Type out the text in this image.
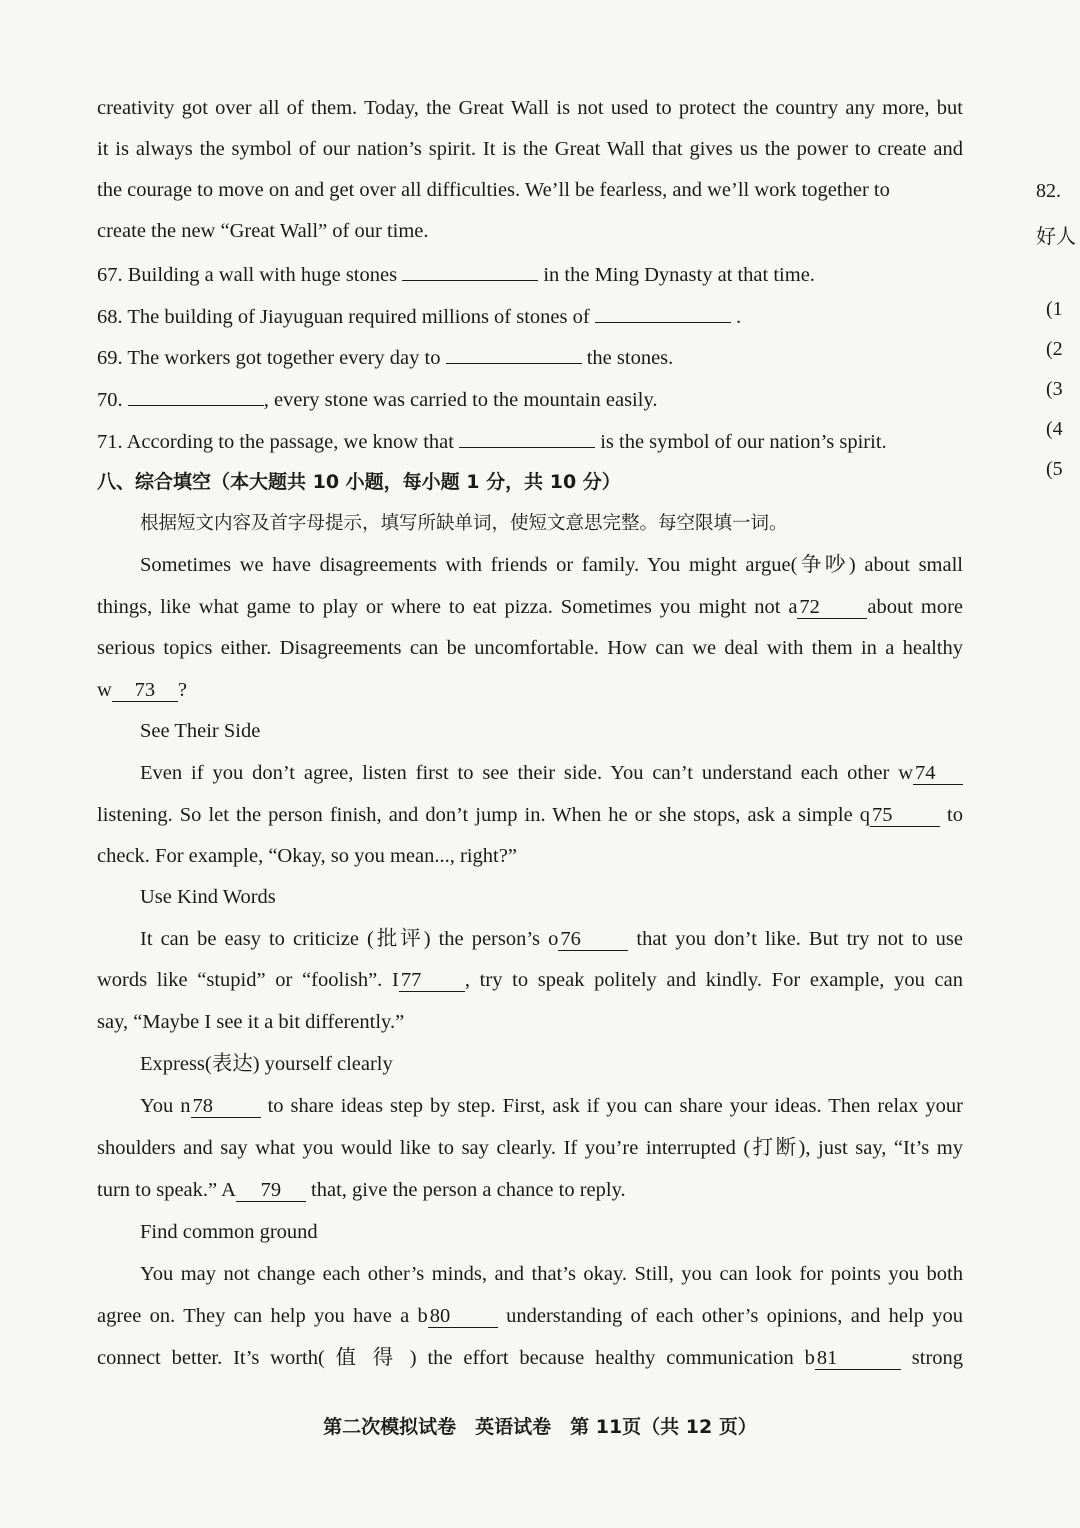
creativity got over all of them. Today, the Great Wall is not used to protect the country any more, but
it is always the symbol of our nation’s spirit. It is the Great Wall that gives us the power to create and
the courage to move on and get over all difficulties. We’ll be fearless, and we’ll work together to
create the new “Great Wall” of our time.
67. Building a wall with huge stones	in the Ming Dynasty at that time.
68. The building of Jiayuguan required millions of stones of	.
69. The workers got together every day to	the stones.
70.	, every stone was carried to the mountain easily.
71. According to the passage, we know that	is the symbol of our nation’s spirit.
八、综合填空（本大题共 10 小题，每小题 1 分，共 10 分）
根据短文内容及首字母提示，填写所缺单词，使短文意思完整。每空限填一词。
Sometimes we have disagreements with friends or family. You might argue(争吵) about small
things, like what game to play or where to eat pizza. Sometimes you might not a72 about more
serious topics either. Disagreements can be uncomfortable. How can we deal with them in a healthy
w 73 ?
See Their Side
Even if you don’t agree, listen first to see their side. You can’t understand each other w74
listening. So let the person finish, and don’t jump in. When he or she stops, ask a simple q75	to
check. For example, “Okay, so you mean..., right?”
Use Kind Words
It can be easy to criticize (批评) the person’s o76	that you don’t like. But try not to use
words like “stupid” or “foolish”. I77 , try to speak politely and kindly. For example, you can
say, “Maybe I see it a bit differently.”
Express(表达) yourself clearly
You n78	to share ideas step by step. First, ask if you can share your ideas. Then relax your
shoulders and say what you would like to say clearly. If you’re interrupted (打断), just say, “It’s my
turn to speak.” A 79 that, give the person a chance to reply.
Find common ground
You may not change each other’s minds, and that’s okay. Still, you can look for points you both
agree on. They can help you have a b80	understanding of each other’s opinions, and help you
connect better. It’s worth( 值 得 ) the effort because healthy communication b81	strong
第二次模拟试卷　英语试卷　第 11页（共 12 页）
82.
好人
(1
(2
(3
(4
(5
